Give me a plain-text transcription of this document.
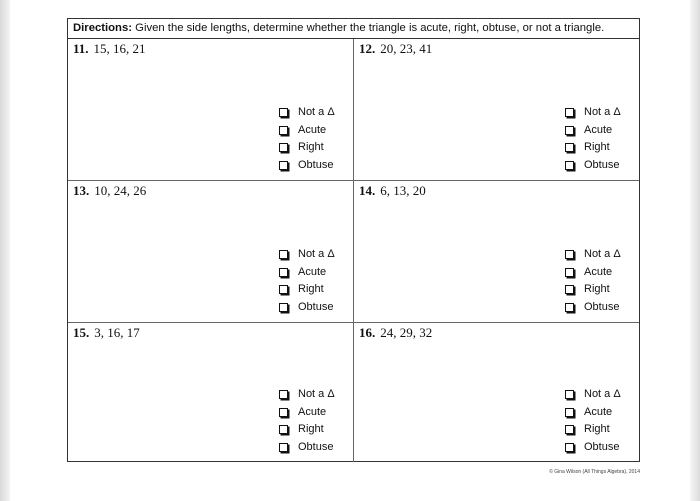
Directions: Given the side lengths, determine whether the triangle is acute, right, obtuse, or not a triangle.
11. 15, 16, 21
Not a Δ
Acute
Right
Obtuse
12. 20, 23, 41
Not a Δ
Acute
Right
Obtuse
13. 10, 24, 26
Not a Δ
Acute
Right
Obtuse
14. 6, 13, 20
Not a Δ
Acute
Right
Obtuse
15. 3, 16, 17
Not a Δ
Acute
Right
Obtuse
16. 24, 29, 32
Not a Δ
Acute
Right
Obtuse
© Gina Wilson (All Things Algebra), 2014
